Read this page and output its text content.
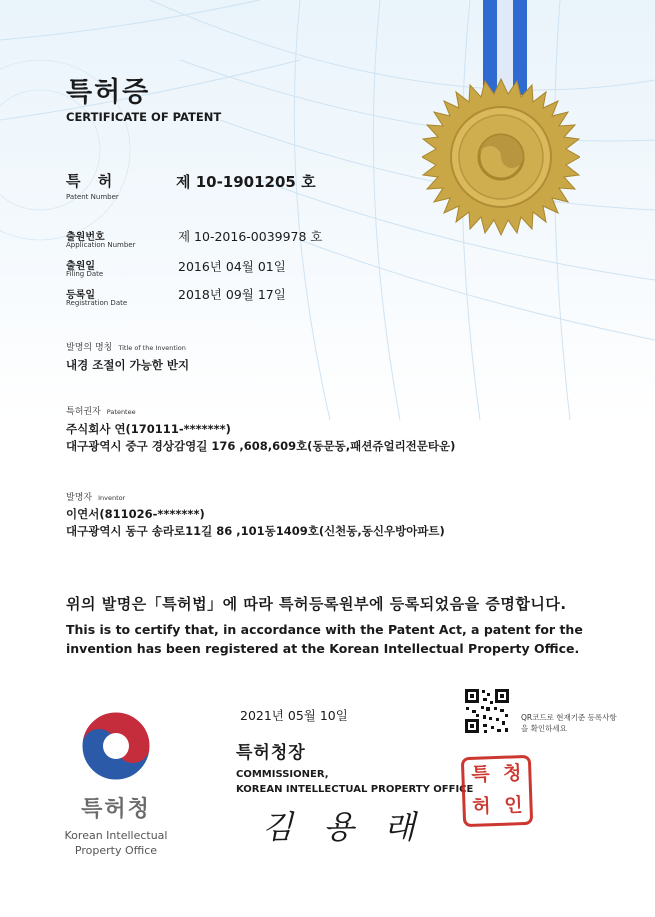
특허증

CERTIFICATE OF PATENT

특 허

Patent Number

제 10-1901205 호

출원번호

Application Number

제 10-2016-0039978 호

출원일

Filing Date	2016년 04월 01일

등록일

Registration Date

2018년 09월 17일

발명의 명칭 Title of the Invention

내경 조절이 가능한 반지

특허권자 Patentee

주식회사 연(170111-*******)

대구광역시 중구 경상감영길 176 ,608,609호(동문동,패션쥬얼리전문타운)

발명자 Inventor

이연서(811026-*******)

대구광역시 동구 송라로11길 86 ,101동1409호(신천동,동신우방아파트)

위의 발명은「특허법」에 따라 특허등록원부에 등록되었음을 증명합니다.

This is to certify that, in accordance with the Patent Act, a patent for the invention has been registered at the Korean Intellectual Property Office.

특허청

Korean Intellectual Property Office

2021년 05월 10일

특허청장

COMMISSIONER,
KOREAN INTELLECTUAL PROPERTY OFFICE

김 용 래

QR코드로 현재기준 등록사항을 확인하세요

특 청
허 인
